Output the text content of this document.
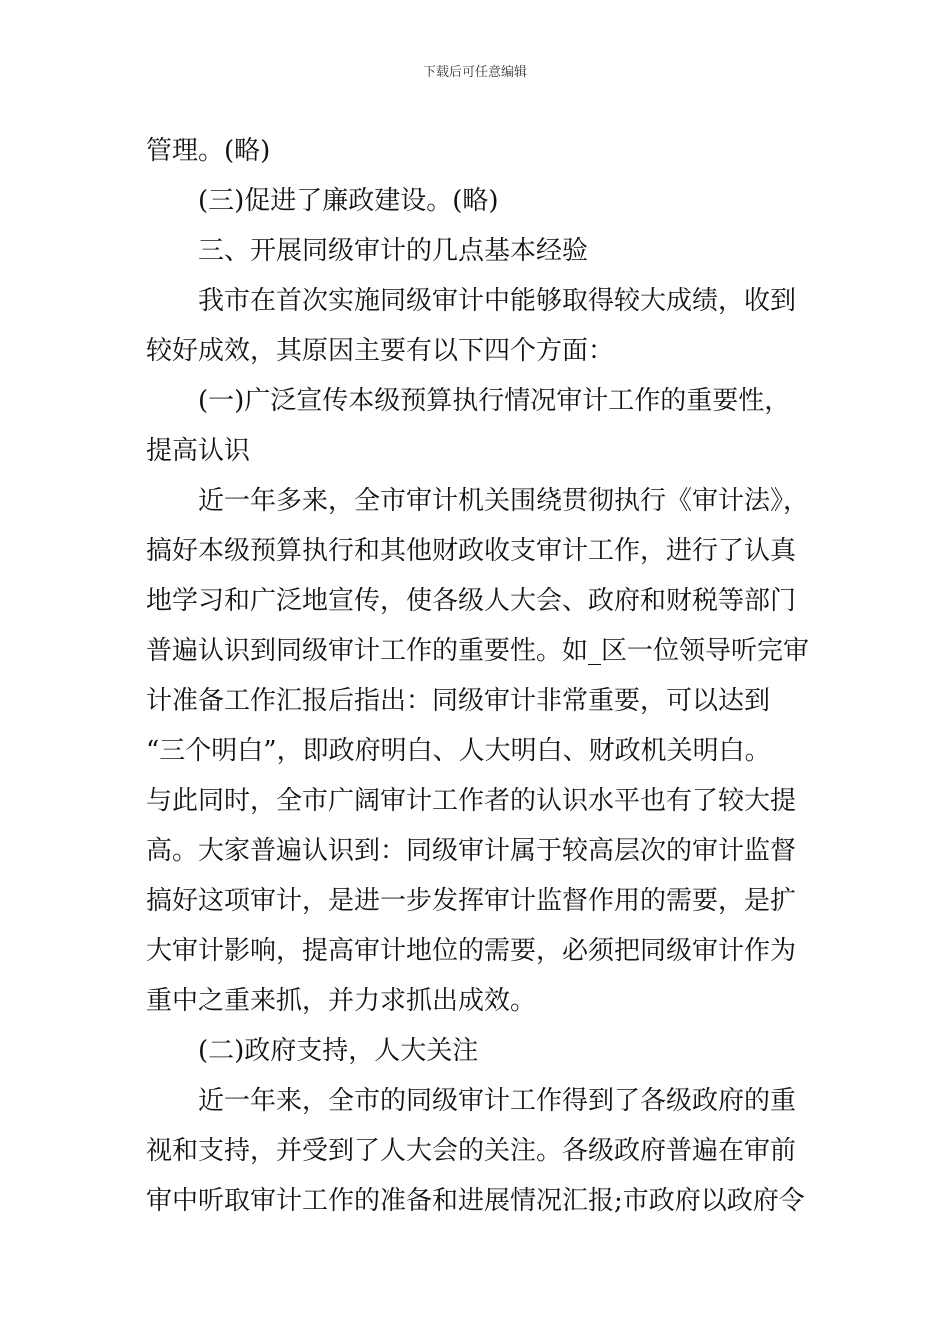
下载后可任意编辑
管理。(略)
(三)促进了廉政建设。(略)
三、开展同级审计的几点基本经验
我市在首次实施同级审计中能够取得较大成绩，收到
较好成效，其原因主要有以下四个方面：
(一)广泛宣传本级预算执行情况审计工作的重要性，
提高认识
近一年多来，全市审计机关围绕贯彻执行《审计法》，
搞好本级预算执行和其他财政收支审计工作，进行了认真
地学习和广泛地宣传，使各级人大会、政府和财税等部门
普遍认识到同级审计工作的重要性。如_区一位领导听完审
计准备工作汇报后指出：同级审计非常重要，可以达到
“三个明白”，即政府明白、人大明白、财政机关明白。
与此同时，全市广阔审计工作者的认识水平也有了较大提
高。大家普遍认识到：同级审计属于较高层次的审计监督
搞好这项审计，是进一步发挥审计监督作用的需要，是扩
大审计影响，提高审计地位的需要，必须把同级审计作为
重中之重来抓，并力求抓出成效。
(二)政府支持，人大关注
近一年来，全市的同级审计工作得到了各级政府的重
视和支持，并受到了人大会的关注。各级政府普遍在审前
审中听取审计工作的准备和进展情况汇报;市政府以政府令
